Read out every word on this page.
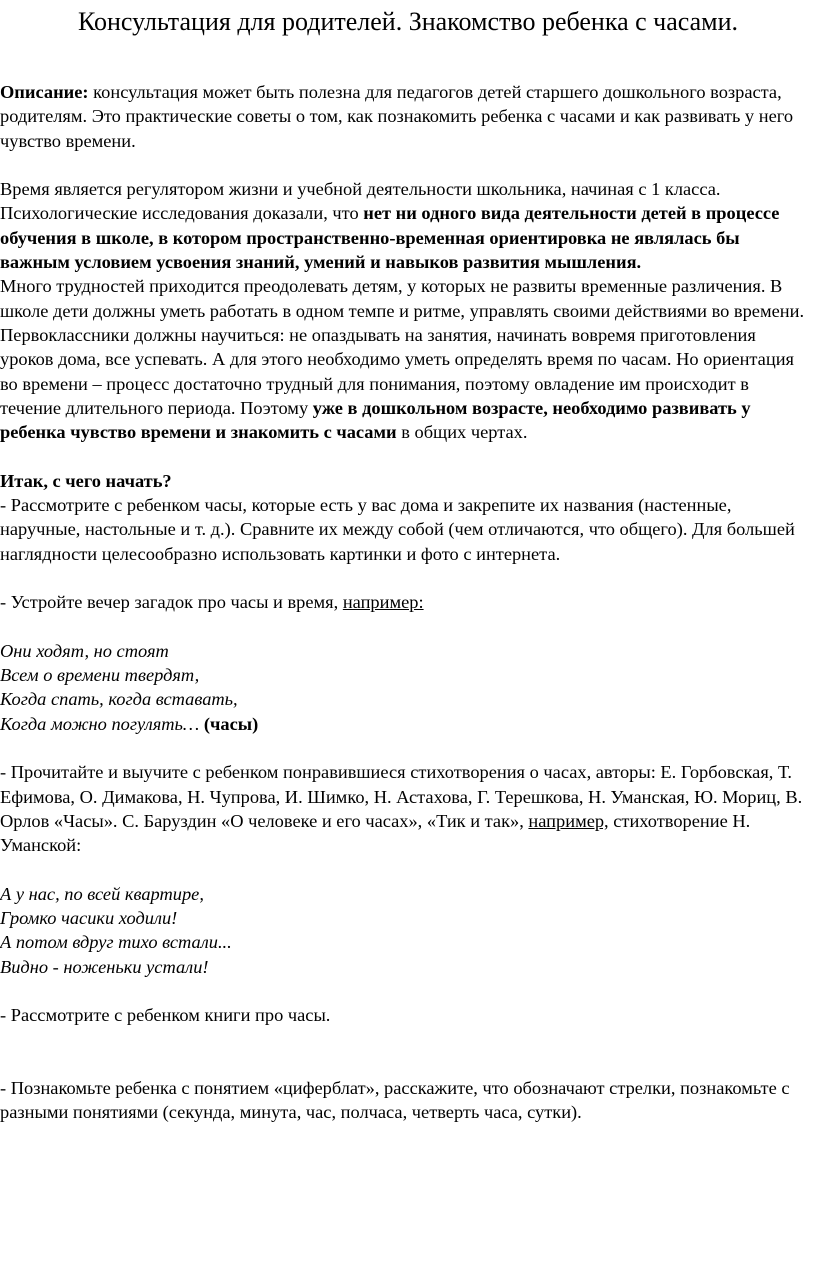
Консультация для родителей. Знакомство ребенка с часами.

Описание: консультация может быть полезна для педагогов детей старшего дошкольного возраста, родителям. Это практические советы о том, как познакомить ребенка с часами и как развивать у него чувство времени.

Время является регулятором жизни и учебной деятельности школьника, начиная с 1 класса.

Психологические исследования доказали, что нет ни одного вида деятельности детей в процессе обучения в школе, в котором пространственно-временная ориентировка не являлась бы важным условием усвоения знаний, умений и навыков развития мышления.

Много трудностей приходится преодолевать детям, у которых не развиты временные различения. В школе дети должны уметь работать в одном темпе и ритме, управлять своими действиями во времени. Первоклассники должны научиться: не опаздывать на занятия, начинать вовремя приготовления уроков дома, все успевать. А для этого необходимо уметь определять время по часам. Но ориентация во времени – процесс достаточно трудный для понимания, поэтому овладение им происходит в течение длительного периода. Поэтому уже в дошкольном возрасте, необходимо развивать у ребенка чувство времени и знакомить с часами в общих чертах.

Итак, с чего начать?

- Рассмотрите с ребенком часы, которые есть у вас дома и закрепите их названия (настенные, наручные, настольные и т. д.). Сравните их между собой (чем отличаются, что общего). Для большей наглядности целесообразно использовать картинки и фото с интернета.

- Устройте вечер загадок про часы и время, например:

Они ходят, но стоят

Всем о времени твердят,

Когда спать, когда вставать,

Когда можно погулять… (часы)

- Прочитайте и выучите с ребенком понравившиеся стихотворения о часах, авторы: Е. Горбовская, Т. Ефимова, О. Димакова, Н. Чупрова, И. Шимко, Н. Астахова, Г. Терешкова, Н. Уманская, Ю. Мориц, В. Орлов «Часы». С. Баруздин «О человеке и его часах», «Тик и так», например, стихотворение Н. Уманской:

А у нас, по всей квартире,

Громко часики ходили!

А потом вдруг тихо встали...

Видно - ноженьки устали!

- Рассмотрите с ребенком книги про часы.

- Познакомьте ребенка с понятием «циферблат», расскажите, что обозначают стрелки, познакомьте с разными понятиями (секунда, минута, час, полчаса, четверть часа, сутки).
